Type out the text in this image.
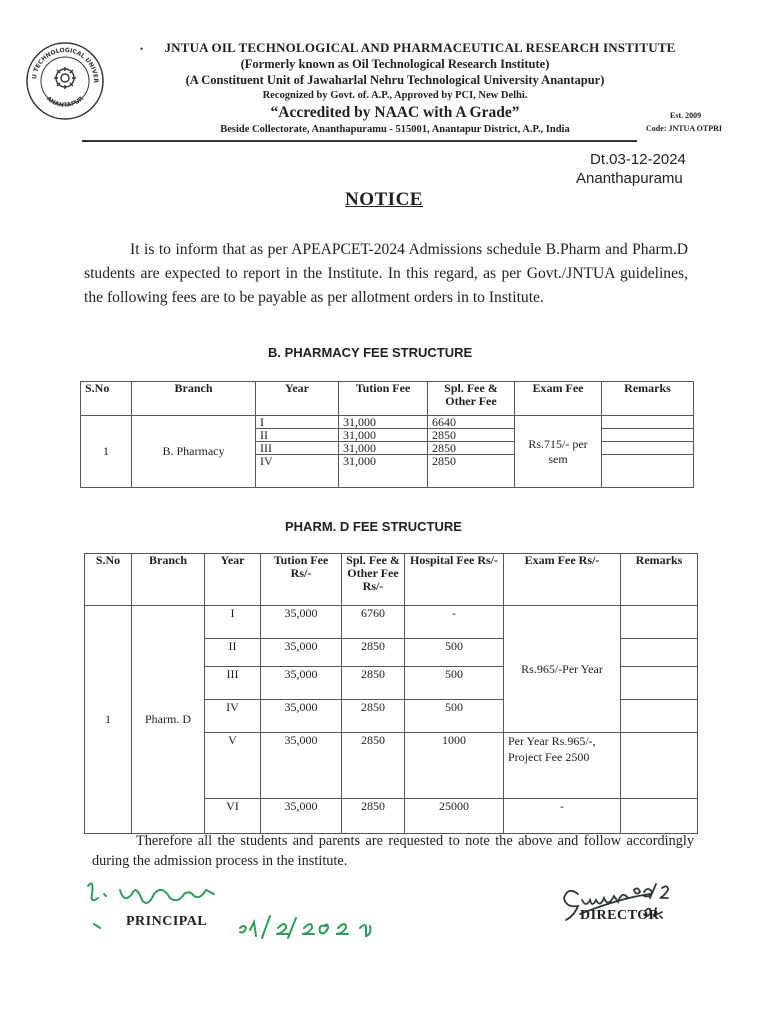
U TECHNOLOGICAL UNIVER
ANANTAPUR
•	JNTUA OIL TECHNOLOGICAL AND PHARMACEUTICAL RESEARCH INSTITUTE
(Formerly known as Oil Technological Research Institute)
(A Constituent Unit of Jawaharlal Nehru Technological University Anantapur)
Recognized by Govt. of. A.P., Approved by PCI, New Delhi.
“Accredited by NAAC with A Grade”
Beside Collectorate, Ananthapuramu - 515001, Anantapur District, A.P., India
Est. 2009
Code: JNTUA OTPRI
Dt.03-12-2024
Ananthapuramu
NOTICE
It is to inform that as per APEAPCET-2024 Admissions schedule B.Pharm and Pharm.D students are expected to report in the Institute. In this regard, as per Govt./JNTUA guidelines, the following fees are to be payable as per allotment orders in to Institute.
B. PHARMACY FEE STRUCTURE
S.No	Branch	Year	Tution Fee	Spl. Fee & Other Fee	Exam Fee	Remarks
1	B. Pharmacy	I	31,000	6640	Rs.715/- per sem	
		II	31,000	2850		
		III	31,000	2850		
		IV	31,000	2850		
PHARM. D FEE STRUCTURE
S.No	Branch	Year	Tution Fee Rs/-	Spl. Fee & Other Fee Rs/-	Hospital Fee Rs/-	Exam Fee Rs/-	Remarks
1	Pharm. D	I	35,000	6760	-	Rs.965/-Per Year	
		II	35,000	2850	500		
		III	35,000	2850	500		
		IV	35,000	2850	500		
		V	35,000	2850	1000	Per Year Rs.965/-, Project Fee 2500	
		VI	35,000	2850	25000	-	
Therefore all the students and parents are requested to note the above and follow accordingly during the admission process in the institute.
PRINCIPAL	DIRECTOR
